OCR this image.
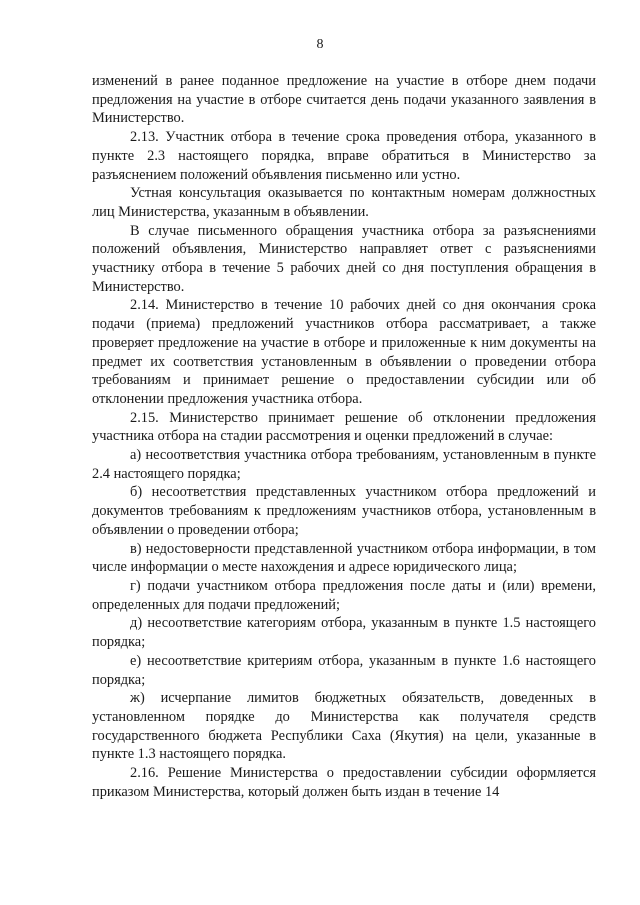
8

изменений в ранее поданное предложение на участие в отборе днем подачи предложения на участие в отборе считается день подачи указанного заявления в Министерство.

2.13. Участник отбора в течение срока проведения отбора, указанного в пункте 2.3 настоящего порядка, вправе обратиться в Министерство за разъяснением положений объявления письменно или устно.

Устная консультация оказывается по контактным номерам должностных лиц Министерства, указанным в объявлении.

В случае письменного обращения участника отбора за разъяснениями положений объявления, Министерство направляет ответ с разъяснениями участнику отбора в течение 5 рабочих дней со дня поступления обращения в Министерство.

2.14. Министерство в течение 10 рабочих дней со дня окончания срока подачи (приема) предложений участников отбора рассматривает, а также проверяет предложение на участие в отборе и приложенные к ним документы на предмет их соответствия установленным в объявлении о проведении отбора требованиям и принимает решение о предоставлении субсидии или об отклонении предложения участника отбора.

2.15. Министерство принимает решение об отклонении предложения участника отбора на стадии рассмотрения и оценки предложений в случае:

а) несоответствия участника отбора требованиям, установленным в пункте 2.4 настоящего порядка;

б) несоответствия представленных участником отбора предложений и документов требованиям к предложениям участников отбора, установленным в объявлении о проведении отбора;

в) недостоверности представленной участником отбора информации, в том числе информации о месте нахождения и адресе юридического лица;

г) подачи участником отбора предложения после даты и (или) времени, определенных для подачи предложений;

д) несоответствие категориям отбора, указанным в пункте 1.5 настоящего порядка;

е) несоответствие критериям отбора, указанным в пункте 1.6 настоящего порядка;

ж) исчерпание лимитов бюджетных обязательств, доведенных в установленном порядке до Министерства как получателя средств государственного бюджета Республики Саха (Якутия) на цели, указанные в пункте 1.3 настоящего порядка.

2.16. Решение Министерства о предоставлении субсидии оформляется приказом Министерства, который должен быть издан в течение 14
